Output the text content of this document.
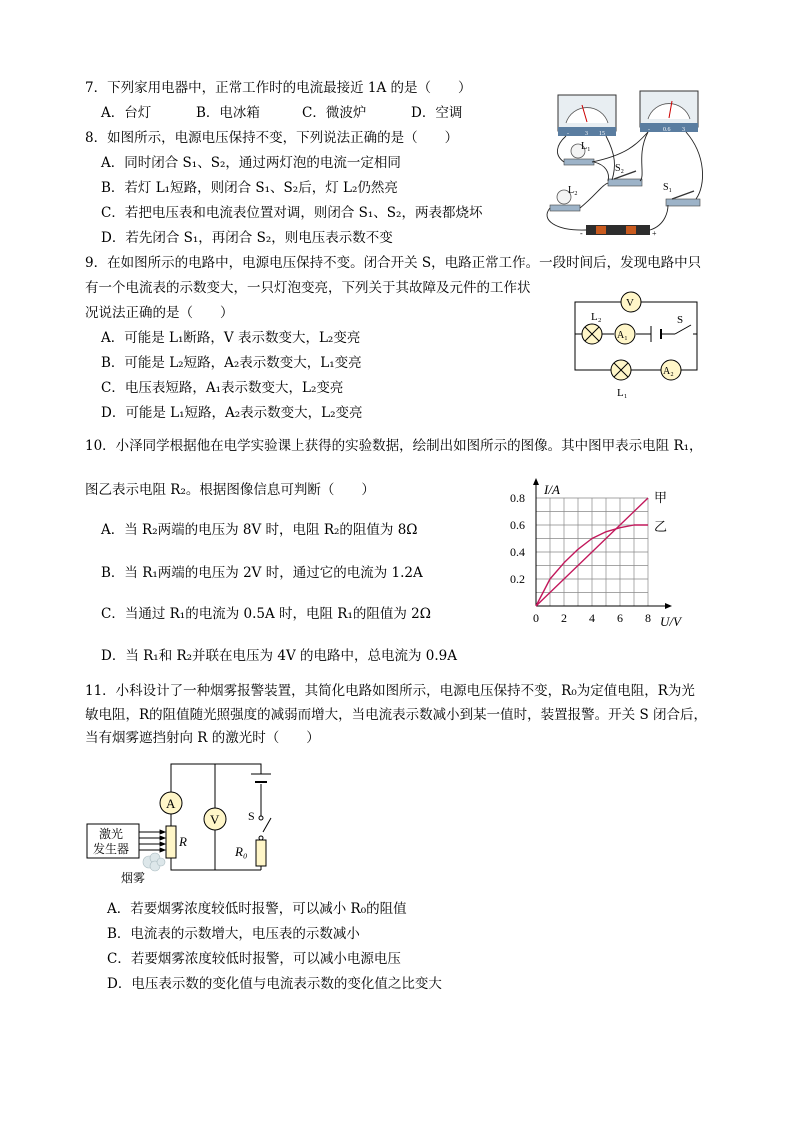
7．下列家用电器中，正常工作时的电流最接近 1A 的是（　　）
A．台灯	B．电冰箱	C．微波炉	D．空调
8．如图所示，电源电压保持不变，下列说法正确的是（　　）
A．同时闭合 S₁、S₂，通过两灯泡的电流一定相同
B．若灯 L₁短路，则闭合 S₁、S₂后，灯 L₂仍然亮
C．若把电压表和电流表位置对调，则闭合 S₁、S₂，两表都烧坏
D．若先闭合 S₁，再闭合 S₂，则电压表示数不变
-	3 15
- 0.6 3
L₁
L₂
S₂
S₁
-	+
9．在如图所示的电路中，电源电压保持不变。闭合开关 S，电路正常工作。一段时间后，发现电路中只
有一个电流表的示数变大，一只灯泡变亮，下列关于其故障及元件的工作状
况说法正确的是（　　）
A．可能是 L₁断路，V 表示数变大，L₂变亮
B．可能是 L₂短路，A₂表示数变大，L₁变亮
C．电压表短路，A₁表示数变大，L₂变亮
D．可能是 L₁短路，A₂表示数变大，L₂变亮
V
L₂
A₁
S
L₁
A₂
10．小泽同学根据他在电学实验课上获得的实验数据，绘制出如图所示的图像。其中图甲表示电阻 R₁，
图乙表示电阻 R₂。根据图像信息可判断（　　）
A．当 R₂两端的电压为 8V 时，电阻 R₂的阻值为 8Ω
B．当 R₁两端的电压为 2V 时，通过它的电流为 1.2A
C．当通过 R₁的电流为 0.5A 时，电阻 R₁的阻值为 2Ω
D．当 R₁和 R₂并联在电压为 4V 的电路中，总电流为 0.9A
0 2 4 6 8
0.2
0.4
0.6
0.8
I/A
U/V
甲
乙
11．小科设计了一种烟雾报警装置，其简化电路如图所示，电源电压保持不变，R₀为定值电阻，R为光
敏电阻，R的阻值随光照强度的减弱而增大，当电流表示数减小到某一值时，装置报警。开关 S 闭合后，
当有烟雾遮挡射向 R 的激光时（　　）
S
R₀
A
V
R
激光
发生器
烟雾
A．若要烟雾浓度较低时报警，可以减小 R₀的阻值
B．电流表的示数增大，电压表的示数减小
C．若要烟雾浓度较低时报警，可以减小电源电压
D．电压表示数的变化值与电流表示数的变化值之比变大
